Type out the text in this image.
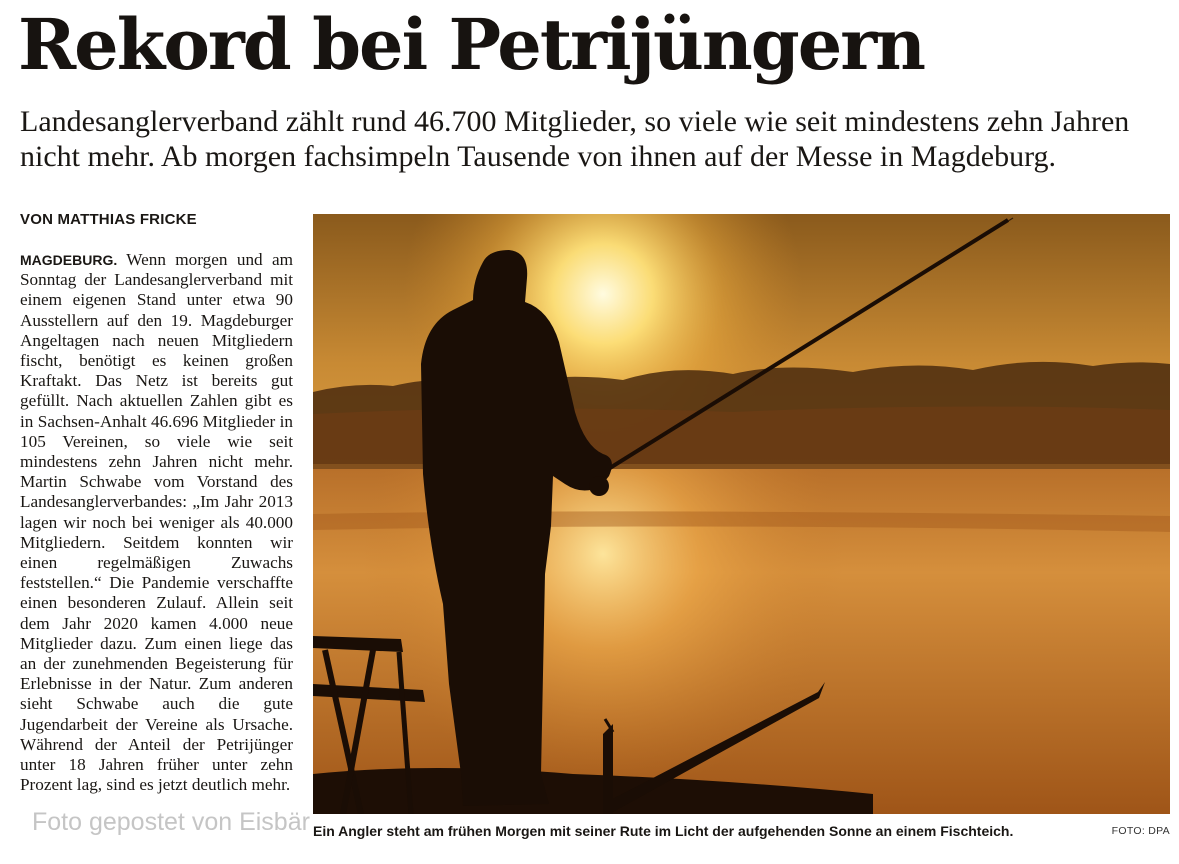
Rekord bei Petrijüngern

Landesanglerverband zählt rund 46.700 Mitglieder, so viele wie seit mindestens zehn Jahren nicht mehr. Ab morgen fachsimpeln Tausende von ihnen auf der Messe in Magdeburg.

VON MATTHIAS FRICKE

MAGDEBURG. Wenn morgen und am Sonntag der Landesanglerverband mit einem eigenen Stand unter etwa 90 Ausstellern auf den 19. Magdeburger Angeltagen nach neuen Mitgliedern fischt, benötigt es keinen großen Kraftakt. Das Netz ist bereits gut gefüllt. Nach aktuellen Zahlen gibt es in Sachsen-Anhalt 46.696 Mitglieder in 105 Vereinen, so viele wie seit mindestens zehn Jahren nicht mehr. Martin Schwabe vom Vorstand des Landesanglerverbandes: „Im Jahr 2013 lagen wir noch bei weniger als 40.000 Mitgliedern. Seitdem konnten wir einen regelmäßigen Zuwachs feststellen.“ Die Pandemie verschaffte einen besonderen Zulauf. Allein seit dem Jahr 2020 kamen 4.000 neue Mitglieder dazu. Zum einen liege das an der zunehmenden Begeisterung für Erlebnisse in der Natur. Zum anderen sieht Schwabe auch die gute Jugendarbeit der Vereine als Ursache. Während der Anteil der Petrijünger unter 18 Jahren früher unter zehn Prozent lag, sind es jetzt deutlich mehr.

Ein Angler steht am frühen Morgen mit seiner Rute im Licht der aufgehenden Sonne an einem Fischteich.	FOTO: DPA

Foto gepostet von Eisbär
